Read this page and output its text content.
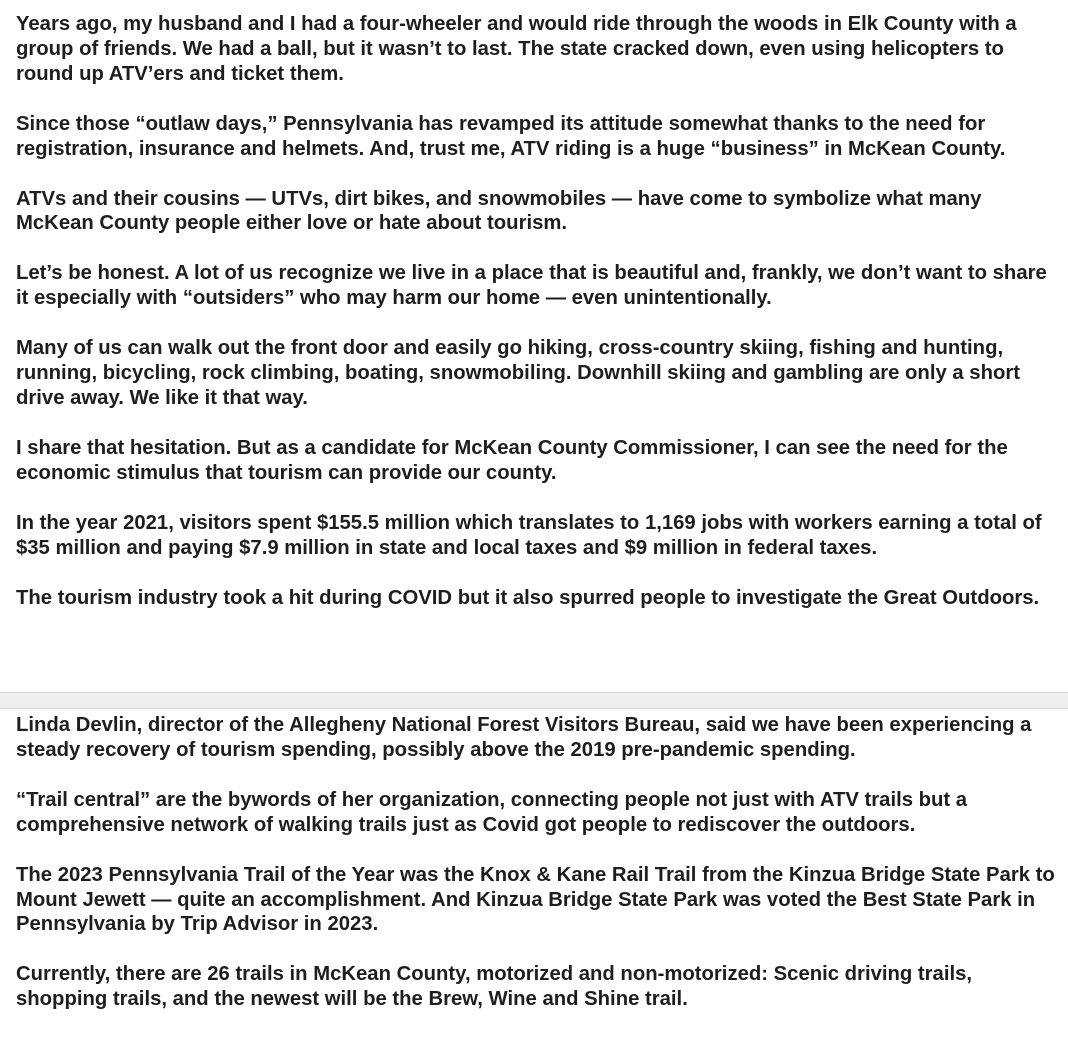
Years ago, my husband and I had a four-wheeler and would ride through the woods in Elk County with a group of friends. We had a ball, but it wasn’t to last. The state cracked down, even using helicopters to round up ATV’ers and ticket them.

Since those “outlaw days,” Pennsylvania has revamped its attitude somewhat thanks to the need for registration, insurance and helmets. And, trust me, ATV riding is a huge “business” in McKean County.

ATVs and their cousins — UTVs, dirt bikes, and snowmobiles — have come to symbolize what many McKean County people either love or hate about tourism.

Let’s be honest. A lot of us recognize we live in a place that is beautiful and, frankly, we don’t want to share it especially with “outsiders” who may harm our home — even unintentionally.

Many of us can walk out the front door and easily go hiking, cross-country skiing, fishing and hunting, running, bicycling, rock climbing, boating, snowmobiling. Downhill skiing and gambling are only a short drive away. We like it that way.

I share that hesitation. But as a candidate for McKean County Commissioner, I can see the need for the economic stimulus that tourism can provide our county.

In the year 2021, visitors spent $155.5 million which translates to 1,169 jobs with workers earning a total of $35 million and paying $7.9 million in state and local taxes and $9 million in federal taxes.

The tourism industry took a hit during COVID but it also spurred people to investigate the Great Outdoors.

Linda Devlin, director of the Allegheny National Forest Visitors Bureau, said we have been experiencing a steady recovery of tourism spending, possibly above the 2019 pre-pandemic spending.

“Trail central” are the bywords of her organization, connecting people not just with ATV trails but a comprehensive network of walking trails just as Covid got people to rediscover the outdoors.

The 2023 Pennsylvania Trail of the Year was the Knox & Kane Rail Trail from the Kinzua Bridge State Park to Mount Jewett — quite an accomplishment. And Kinzua Bridge State Park was voted the Best State Park in Pennsylvania by Trip Advisor in 2023.

Currently, there are 26 trails in McKean County, motorized and non-motorized: Scenic driving trails, shopping trails, and the newest will be the Brew, Wine and Shine trail.
